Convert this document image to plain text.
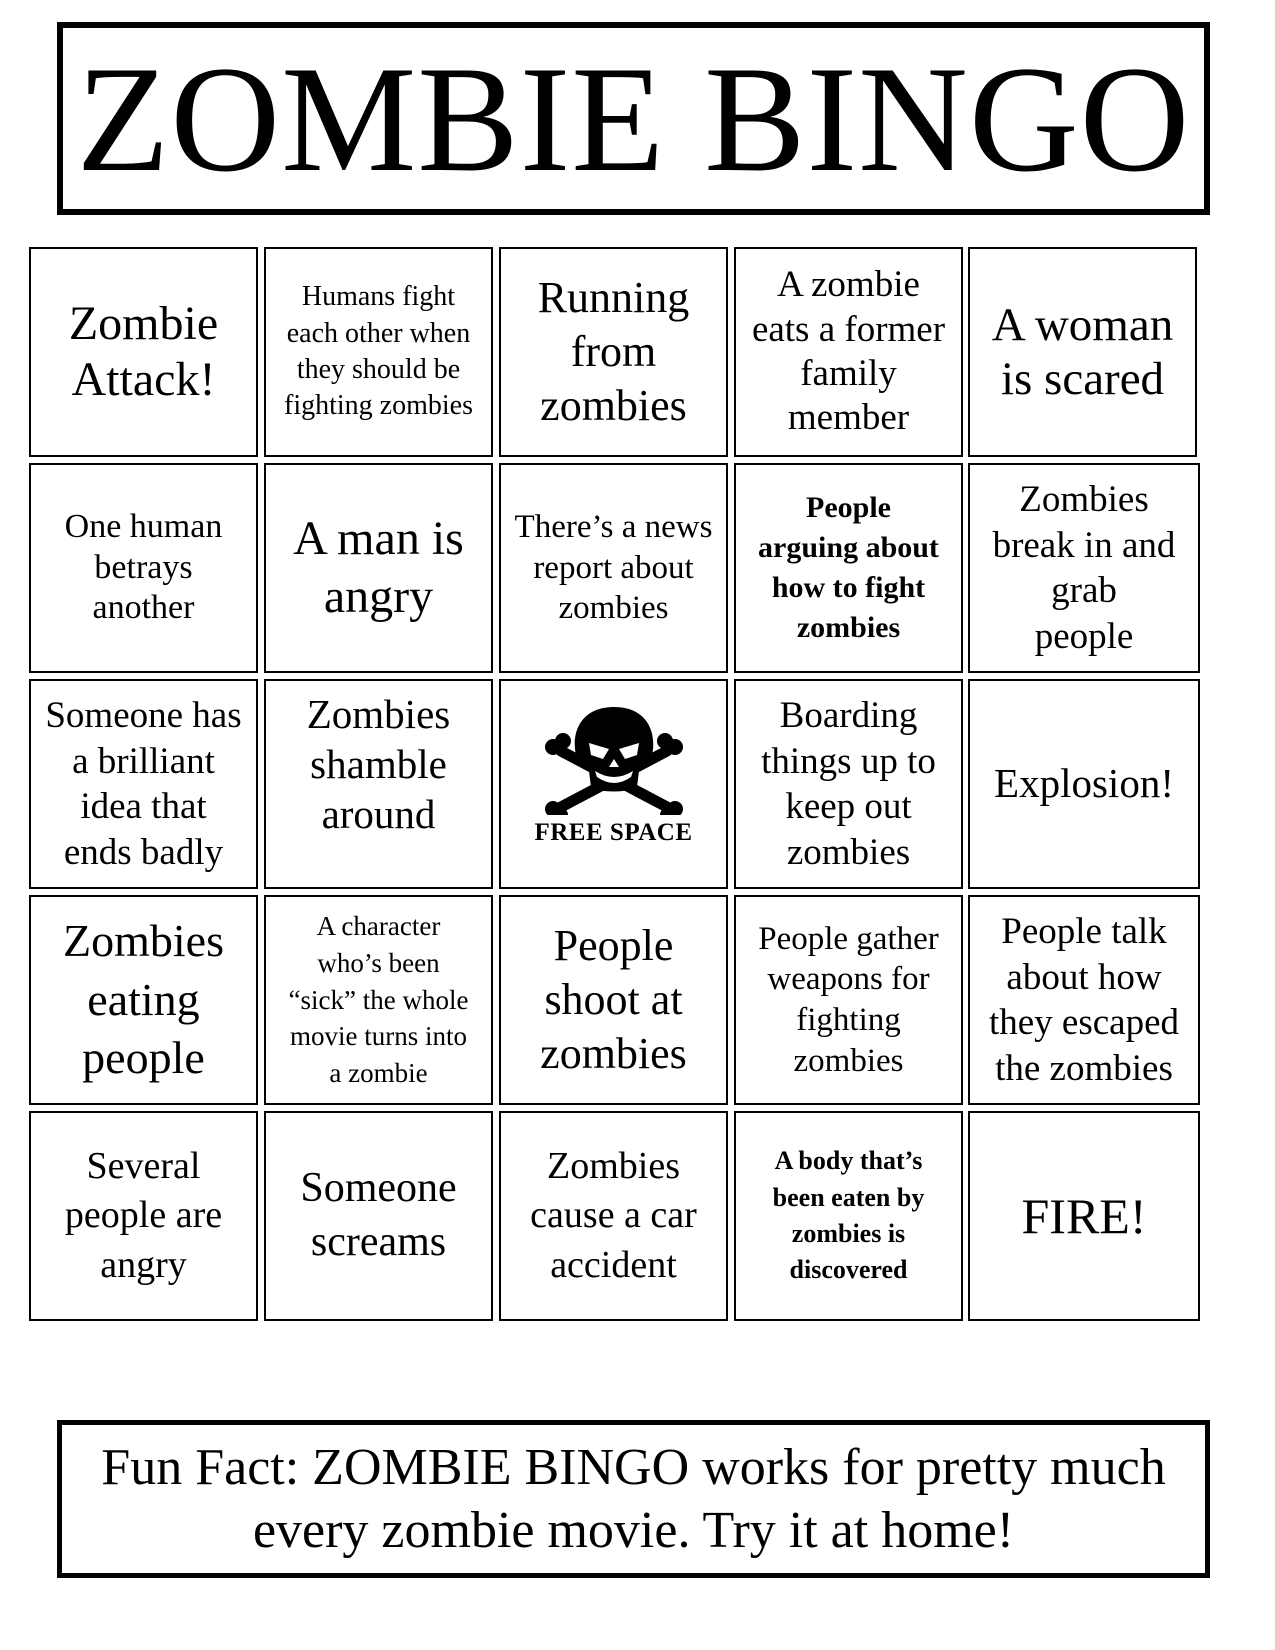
ZOMBIE BINGO
Zombie
Attack!
Humans fight
each other when
they should be
fighting zombies
Running
from
zombies
A zombie
eats a former
family
member
A woman
is scared
One human
betrays
another
A man is
angry
There’s a news
report about
zombies
People
arguing about
how to fight
zombies
Zombies
break in and
grab
people
Someone has
a brilliant
idea that
ends badly
Zombies
shamble
around	FREE SPACE
Boarding
things up to
keep out
zombies
Explosion!
Zombies
eating
people
A character
who’s been
“sick” the whole
movie turns into
a zombie
People
shoot at
zombies
People gather
weapons for
fighting
zombies
People talk
about how
they escaped
the zombies
Several
people are
angry
Someone
screams
Zombies
cause a car
accident
A body that’s
been eaten by
zombies is
discovered
FIRE!
Fun Fact: ZOMBIE BINGO works for pretty much
every zombie movie. Try it at home!
